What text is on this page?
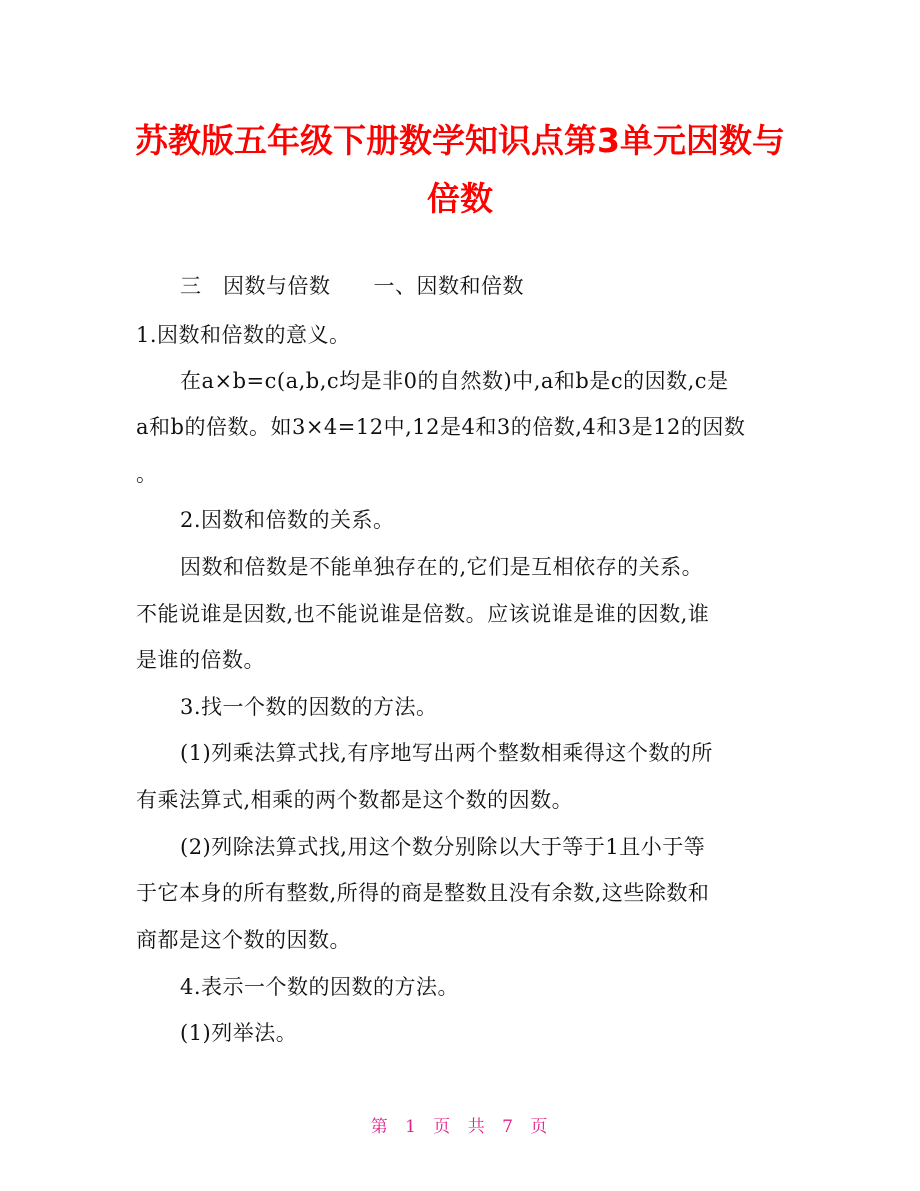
苏教版五年级下册数学知识点第3单元因数与
倍数
三　因数与倍数　　一、因数和倍数
1.因数和倍数的意义。
在a×b=c(a,b,c均是非0的自然数)中,a和b是c的因数,c是
a和b的倍数。如3×4=12中,12是4和3的倍数,4和3是12的因数
。
2.因数和倍数的关系。
因数和倍数是不能单独存在的,它们是互相依存的关系。
不能说谁是因数,也不能说谁是倍数。应该说谁是谁的因数,谁
是谁的倍数。
3.找一个数的因数的方法。
(1)列乘法算式找,有序地写出两个整数相乘得这个数的所
有乘法算式,相乘的两个数都是这个数的因数。
(2)列除法算式找,用这个数分别除以大于等于1且小于等
于它本身的所有整数,所得的商是整数且没有余数,这些除数和
商都是这个数的因数。
4.表示一个数的因数的方法。
(1)列举法。
第 1 页 共 7 页
